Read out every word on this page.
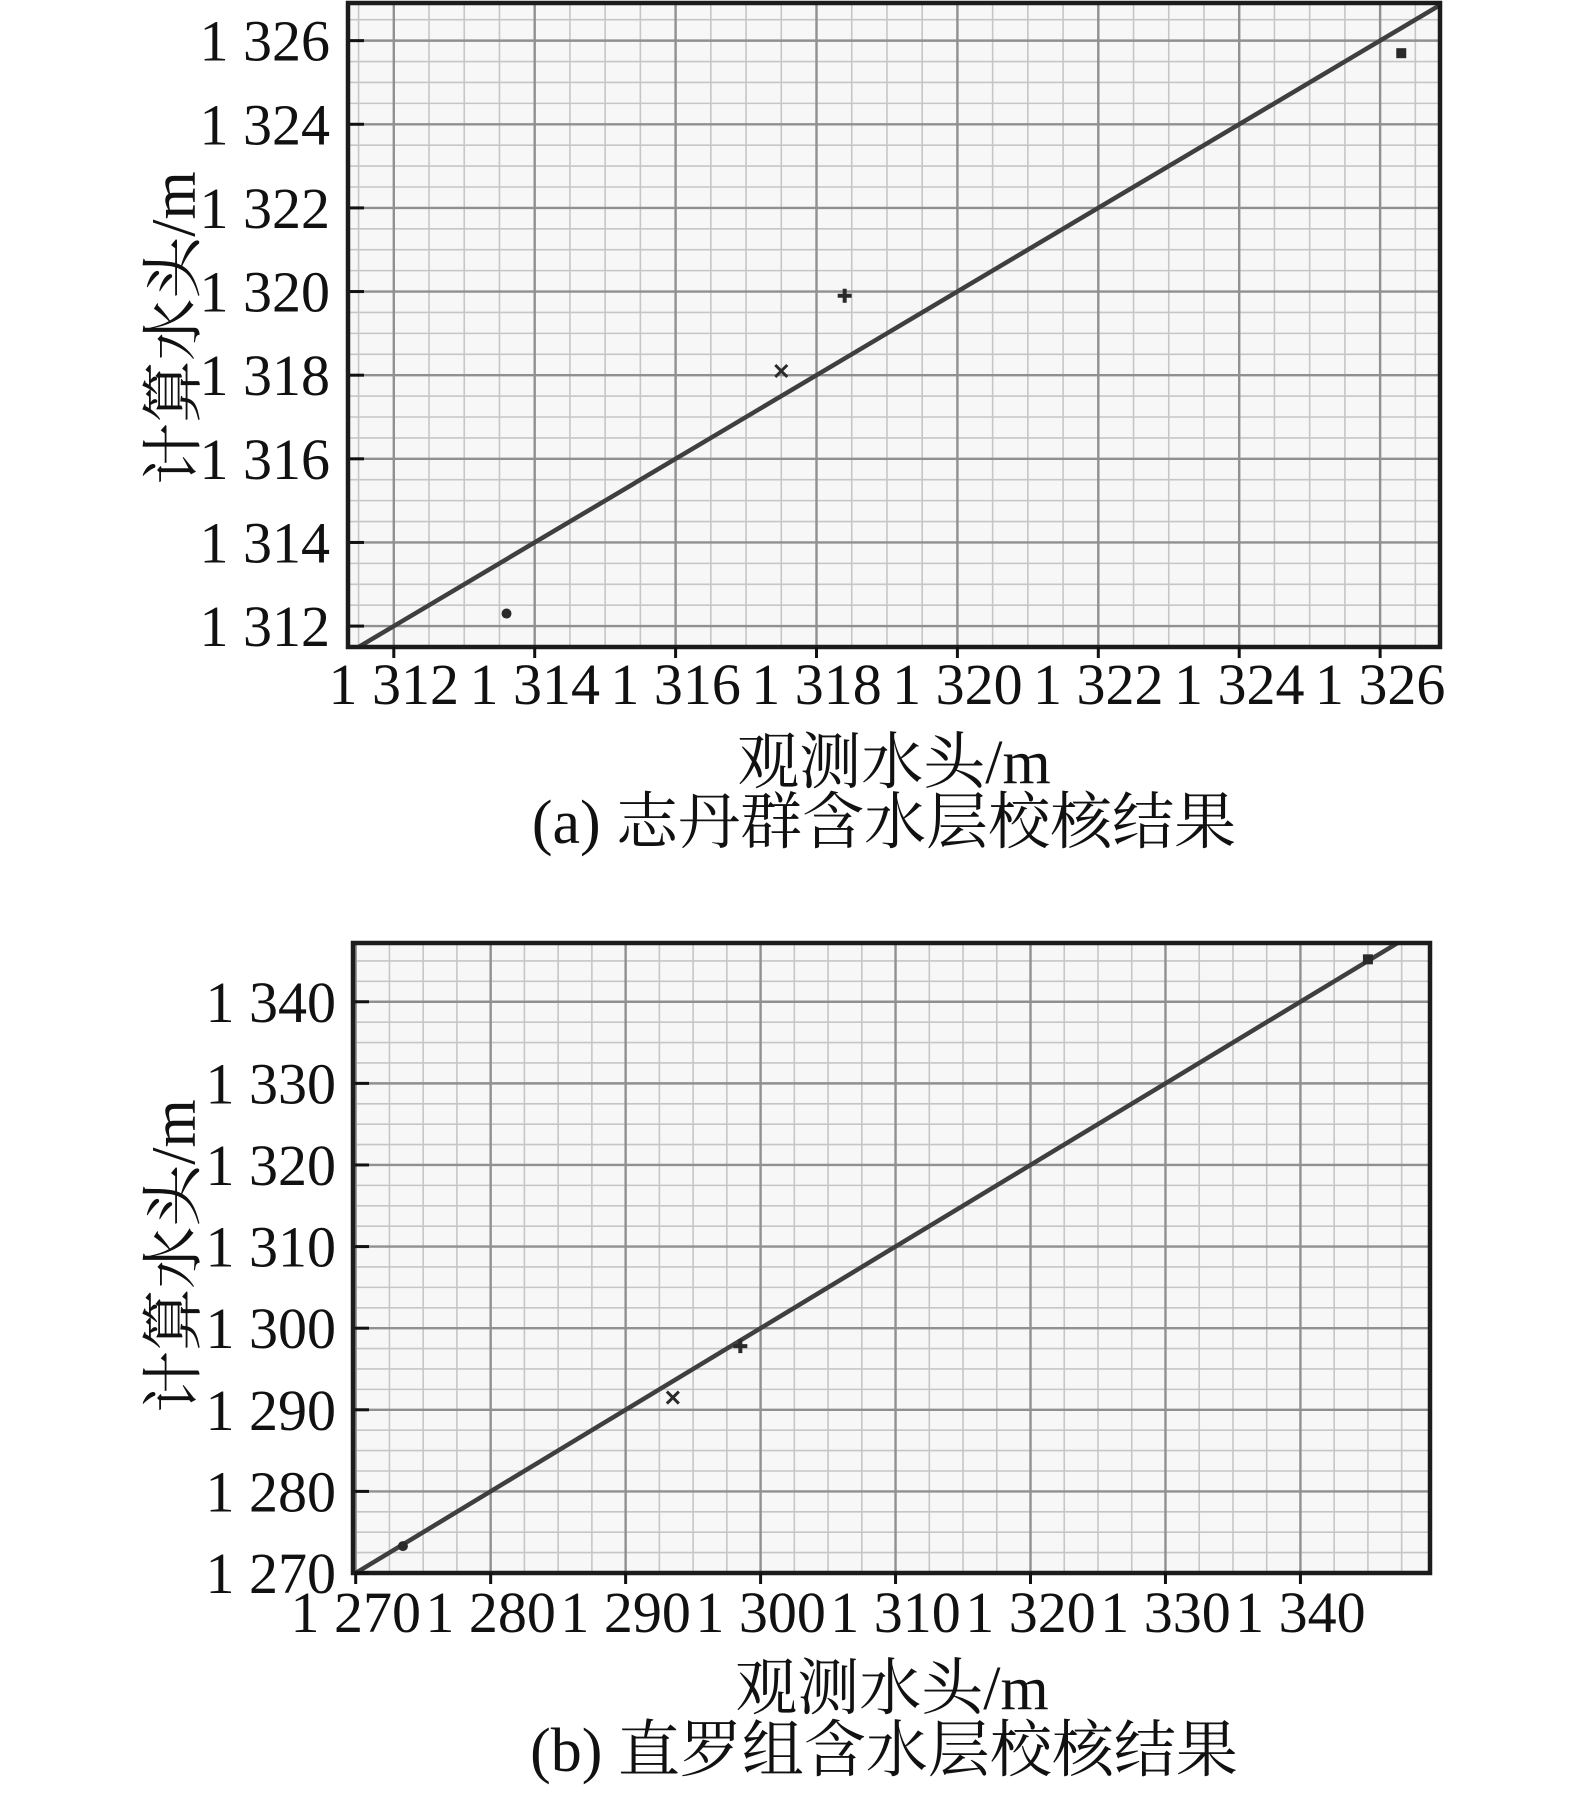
1 312
1 314
1 316
1 318
1 320
1 322
1 324
1 326
1 312 1 314 1 316 1 318 1 320 1 322 1 324 1 326
1 270
1 280
1 290
1 300
1 310
1 320
1 330
1 340
1 270 1 280 1 290 1 300 1 310 1 320 1 330 1 340
计算水头/m
观测水头/m
(a) 志丹群含水层校核结果
计算水头/m
观测水头/m
(b) 直罗组含水层校核结果
